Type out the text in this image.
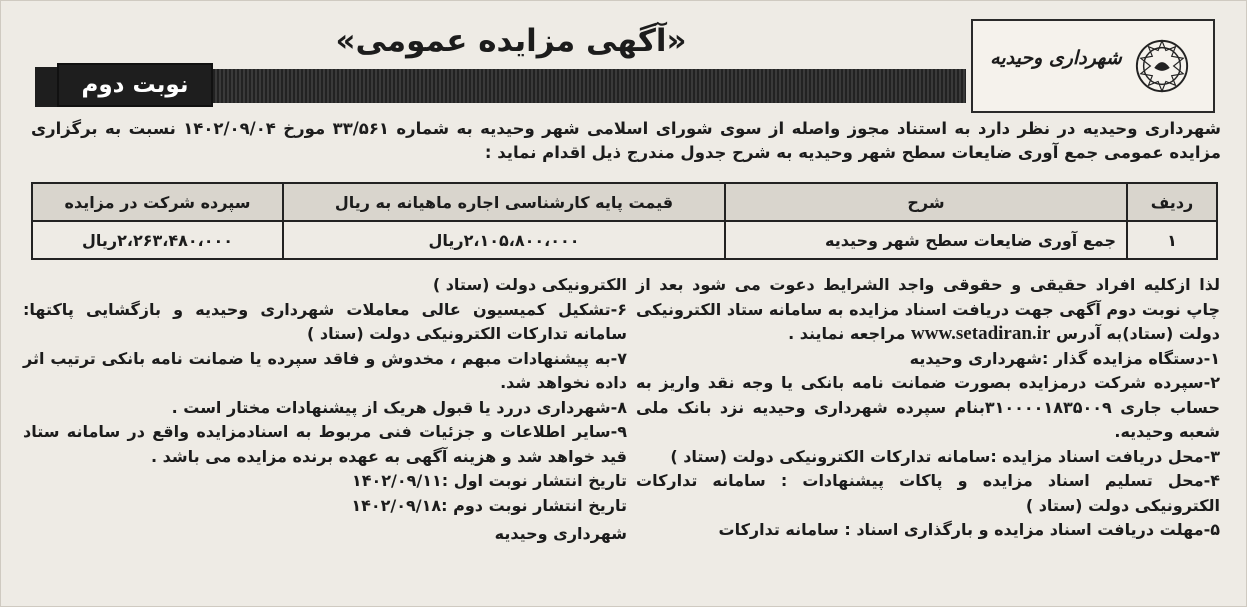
شهرداری وحیدیه
«آگهی مزایده عمومی»
نوبت دوم
شهرداری وحیدیه در نظر دارد به استناد مجوز واصله از سوی شورای اسلامی شهر وحیدیه به شماره ۳۳/۵۶۱ مورخ ۱۴۰۲/۰۹/۰۴ نسبت به برگزاری مزایده عمومی جمع آوری ضایعات سطح شهر وحیدیه به شرح جدول مندرج ذیل اقدام نماید :
ردیف	شرح	قیمت پایه کارشناسی اجاره ماهیانه به ریال	سپرده شرکت در مزایده
۱	جمع آوری ضایعات سطح شهر وحیدیه	۲،۱۰۵،۸۰۰،۰۰۰ریال	۲،۲۶۳،۴۸۰،۰۰۰ریال

لذا ازکلیه افراد حقیقی و حقوقی واجد الشرایط دعوت می شود بعد از چاپ نوبت دوم آگهی جهت دریافت اسناد مزایده به سامانه ستاد الکترونیکی دولت (ستاد)به آدرس www.setadiran.ir مراجعه نمایند .

۱-دستگاه مزایده گذار :شهرداری وحیدیه

۲-سپرده شرکت درمزایده بصورت ضمانت نامه بانکی یا وجه نقد واریز به حساب جاری ۳۱۰۰۰۰۱۸۳۵۰۰۹بنام سپرده شهرداری وحیدیه نزد بانک ملی شعبه وحیدیه.

۳-محل دریافت اسناد مزایده :سامانه تدارکات الکترونیکی دولت (ستاد )

۴-محل تسلیم اسناد مزایده و پاکات پیشنهادات : سامانه تدارکات الکترونیکی دولت (ستاد )

۵-مهلت دریافت اسناد مزایده و بارگذاری اسناد : سامانه تدارکات

الکترونیکی دولت (ستاد )

۶-تشکیل کمیسیون عالی معاملات شهرداری وحیدیه و بازگشایی پاکتها: سامانه تدارکات الکترونیکی دولت (ستاد )

۷-به پیشنهادات مبهم ، مخدوش و فاقد سپرده یا ضمانت نامه بانکی ترتیب اثر داده نخواهد شد.

۸-شهرداری دررد یا قبول هریک از پیشنهادات مختار است .

۹-سایر اطلاعات و جزئیات فنی مربوط به اسنادمزایده واقع در سامانه ستاد قید خواهد شد و هزینه آگهی به عهده برنده مزایده می باشد .

تاریخ انتشار نوبت اول :۱۴۰۲/۰۹/۱۱

تاریخ انتشار نوبت دوم :۱۴۰۲/۰۹/۱۸

شهرداری وحیدیه
